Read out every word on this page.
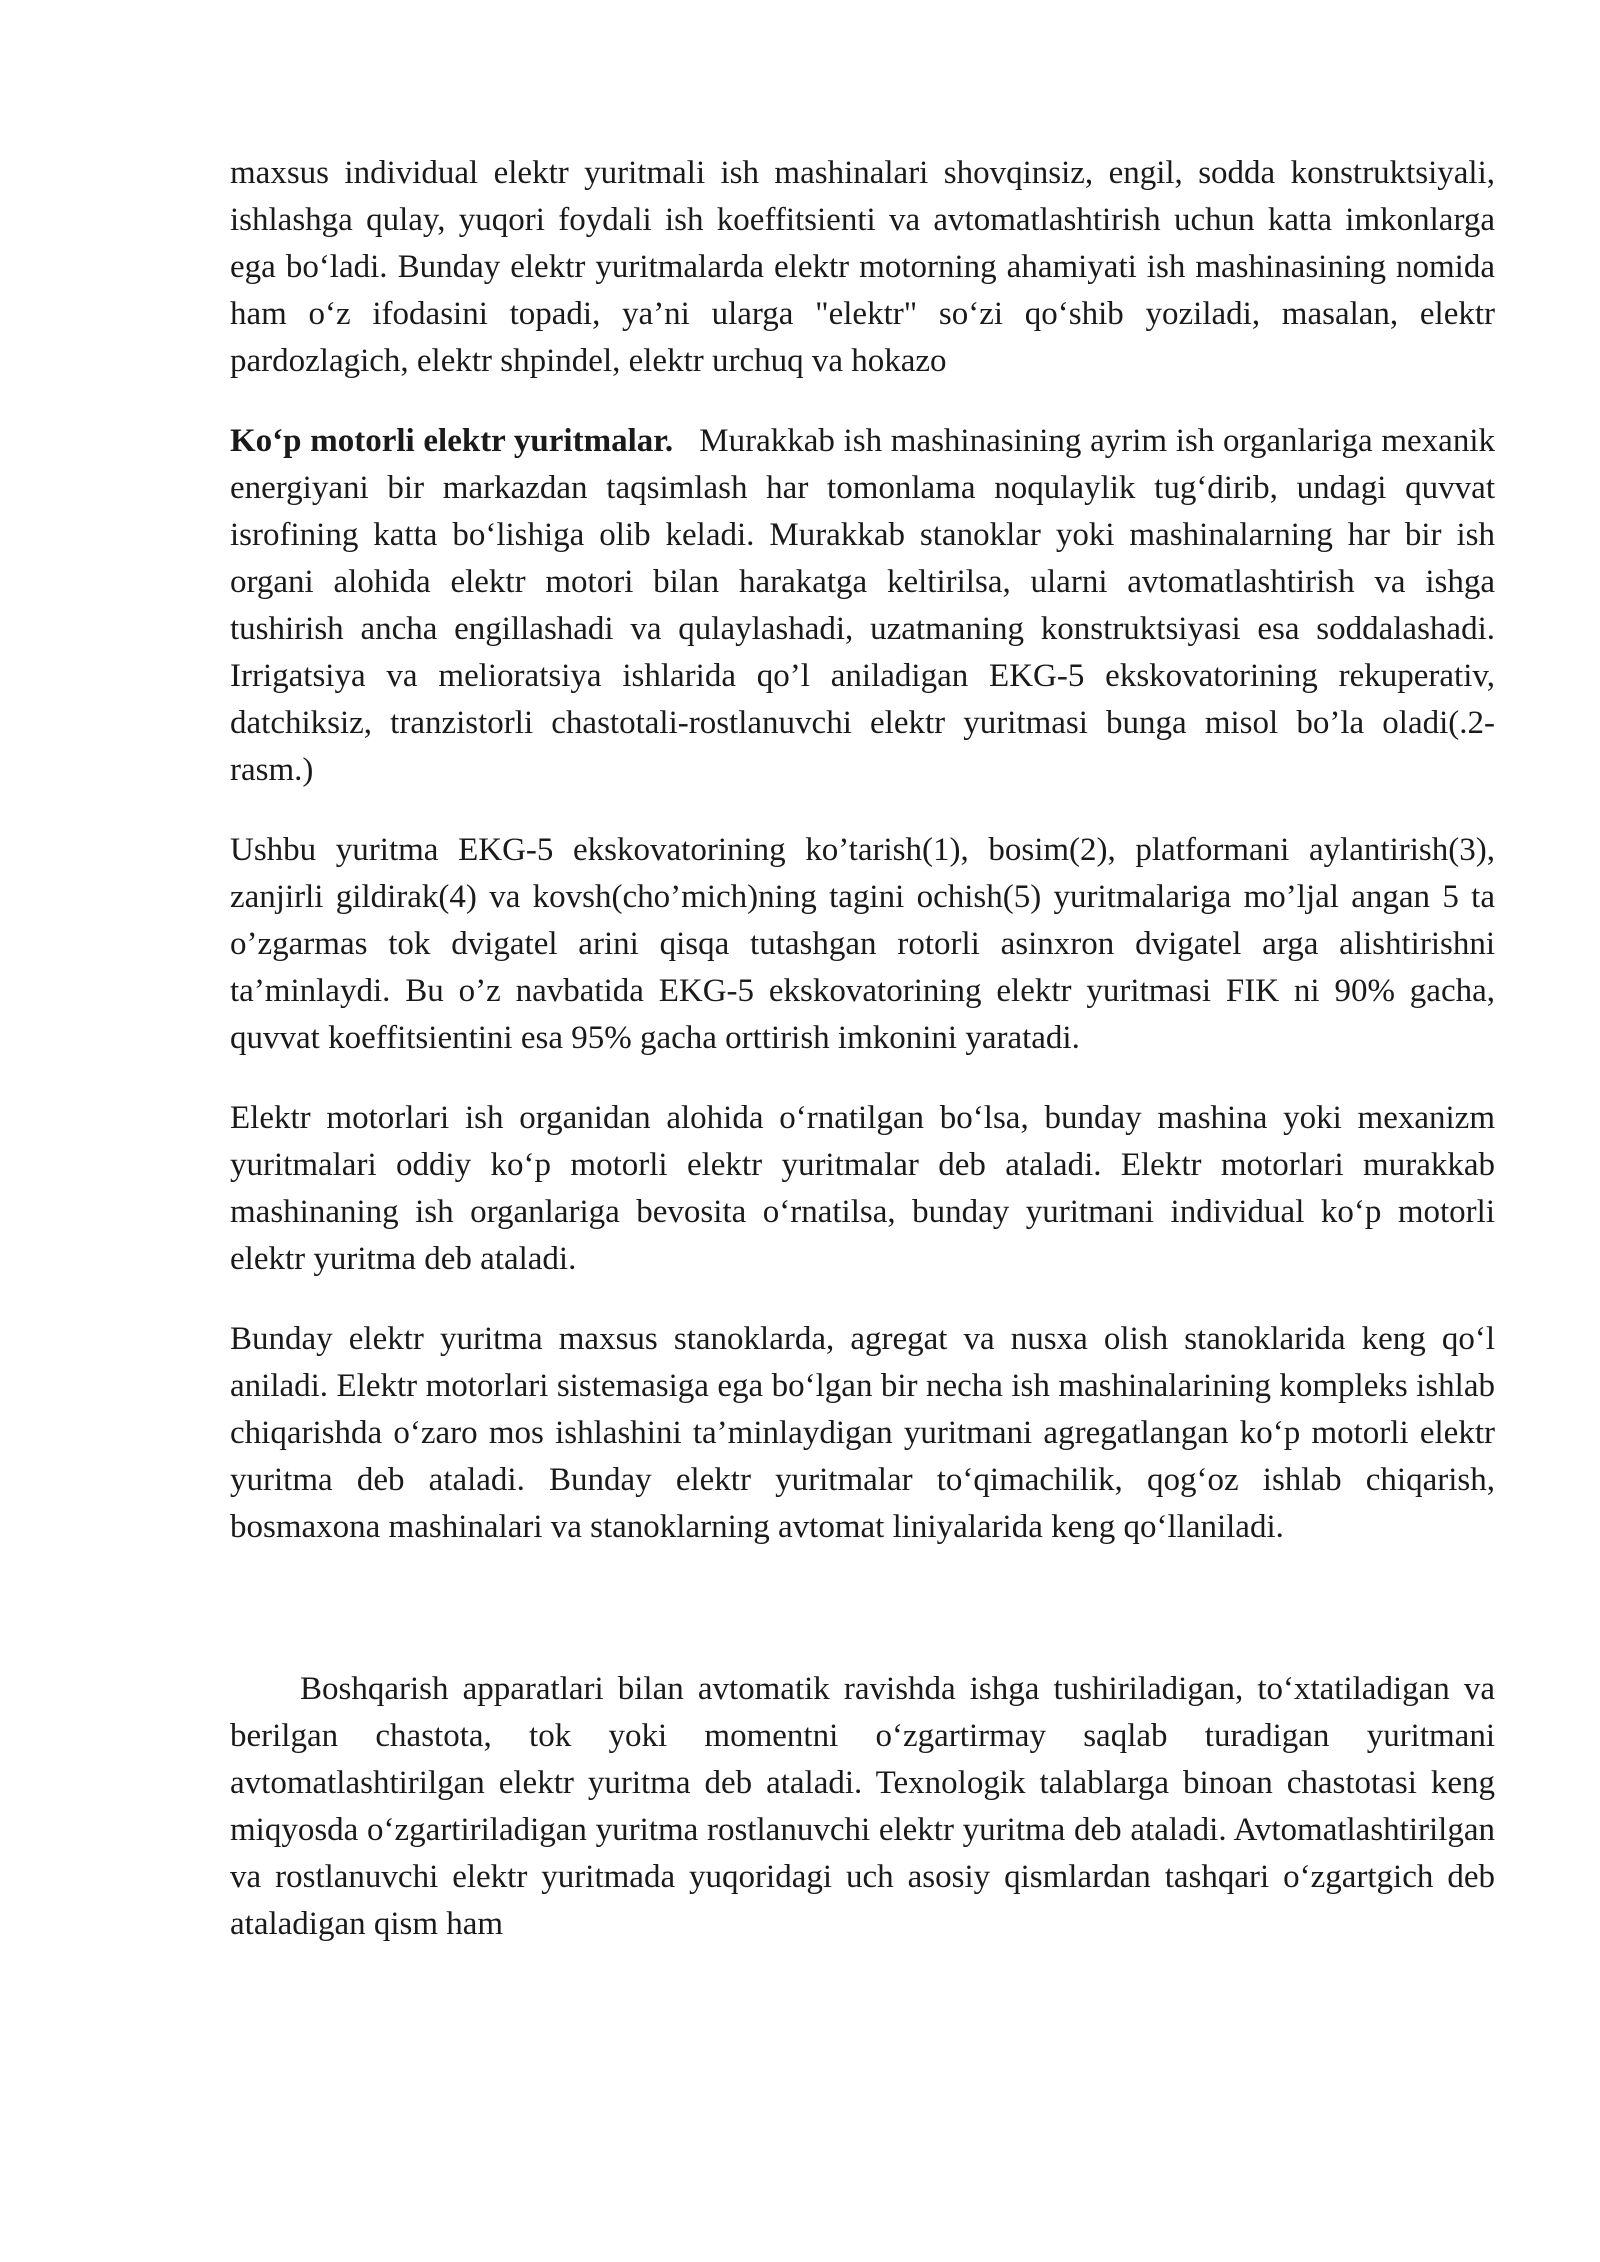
maxsus individual elektr yuritmali ish mashinalari shovqinsiz, engil, sodda konstruktsiyali, ishlashga qulay, yuqori foydali ish koeffitsienti va avtomatlashtirish uchun katta imkonlarga ega bo‘ladi. Bunday elektr yuritmalarda elektr motorning ahamiyati ish mashinasining nomida ham o‘z ifodasini topadi, ya’ni ularga "elektr" so‘zi qo‘shib yoziladi, masalan, elektr pardozlagich, elektr shpindel, elektr urchuq va hokazo

Ko‘p motorli elektr yuritmalar. Murakkab ish mashinasining ayrim ish organlariga mexanik energiyani bir markazdan taqsimlash har tomonlama noqulaylik tug‘dirib, undagi quvvat isrofining katta bo‘lishiga olib keladi. Murakkab stanoklar yoki mashinalarning har bir ish organi alohida elektr motori bilan harakatga keltirilsa, ularni avtomatlashtirish va ishga tushirish ancha engillashadi va qulaylashadi, uzatmaning konstruktsiyasi esa soddalashadi. Irrigatsiya va melioratsiya ishlarida qo’l aniladigan EKG-5 ekskovatorining rekuperativ, datchiksiz, tranzistorli chastotali-rostlanuvchi elektr yuritmasi bunga misol bo’la oladi(.2-rasm.)

Ushbu yuritma EKG-5 ekskovatorining ko’tarish(1), bosim(2), platformani aylantirish(3), zanjirli gildirak(4) va kovsh(cho’mich)ning tagini ochish(5) yuritmalariga mo’ljal angan 5 ta o’zgarmas tok dvigatel arini qisqa tutashgan rotorli asinxron dvigatel arga alishtirishni ta’minlaydi. Bu o’z navbatida EKG-5 ekskovatorining elektr yuritmasi FIK ni 90% gacha, quvvat koeffitsientini esa 95% gacha orttirish imkonini yaratadi.

Elektr motorlari ish organidan alohida o‘rnatilgan bo‘lsa, bunday mashina yoki mexanizm yuritmalari oddiy ko‘p motorli elektr yuritmalar deb ataladi. Elektr motorlari murakkab mashinaning ish organlariga bevosita o‘rnatilsa, bunday yuritmani individual ko‘p motorli elektr yuritma deb ataladi.

Bunday elektr yuritma maxsus stanoklarda, agregat va nusxa olish stanoklarida keng qo‘l aniladi. Elektr motorlari sistemasiga ega bo‘lgan bir necha ish mashinalarining kompleks ishlab chiqarishda o‘zaro mos ishlashini ta’minlaydigan yuritmani agregatlangan ko‘p motorli elektr yuritma deb ataladi. Bunday elektr yuritmalar to‘qimachilik, qog‘oz ishlab chiqarish, bosmaxona mashinalari va stanoklarning avtomat liniyalarida keng qo‘llaniladi.

Boshqarish apparatlari bilan avtomatik ravishda ishga tushiriladigan, to‘xtatiladigan va berilgan chastota, tok yoki momentni o‘zgartirmay saqlab turadigan yuritmani avtomatlashtirilgan elektr yuritma deb ataladi. Texnologik talablarga binoan chastotasi keng miqyosda o‘zgartiriladigan yuritma rostlanuvchi elektr yuritma deb ataladi. Avtomatlashtirilgan va rostlanuvchi elektr yuritmada yuqoridagi uch asosiy qismlardan tashqari o‘zgartgich deb ataladigan qism ham
